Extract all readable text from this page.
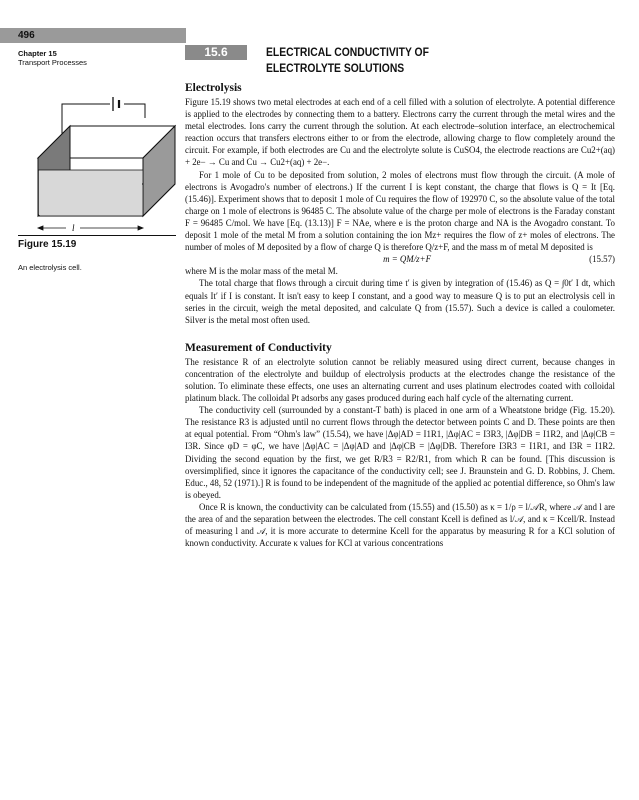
496
Chapter 15
Transport Processes
15.6	ELECTRICAL CONDUCTIVITY OF
ELECTROLYTE SOLUTIONS
l
Figure 15.19
An electrolysis cell.
Electrolysis

Figure 15.19 shows two metal electrodes at each end of a cell filled with a solution of electrolyte. A potential difference is applied to the electrodes by connecting them to a battery. Electrons carry the current through the metal wires and the metal electrodes. Ions carry the current through the solution. At each electrode–solution interface, an electrochemical reaction occurs that transfers electrons either to or from the electrode, allowing charge to flow completely around the circuit. For example, if both electrodes are Cu and the electrolyte solute is CuSO4, the electrode reactions are Cu2+(aq) + 2e− → Cu and Cu → Cu2+(aq) + 2e−.

For 1 mole of Cu to be deposited from solution, 2 moles of electrons must flow through the circuit. (A mole of electrons is Avogadro's number of electrons.) If the current I is kept constant, the charge that flows is Q = It [Eq. (15.46)]. Experiment shows that to deposit 1 mole of Cu requires the flow of 192970 C, so the absolute value of the total charge on 1 mole of electrons is 96485 C. The absolute value of the charge per mole of electrons is the Faraday constant F = 96485 C/mol. We have [Eq. (13.13)] F = NAe, where e is the proton charge and NA is the Avogadro constant. To deposit 1 mole of the metal M from a solution containing the ion Mz+ requires the flow of z+ moles of electrons. The number of moles of M deposited by a flow of charge Q is therefore Q/z+F, and the mass m of metal M deposited is

m = QM/z+F	(15.57)

where M is the molar mass of the metal M.

The total charge that flows through a circuit during time t′ is given by integration of (15.46) as Q = ∫0t′ I dt, which equals It′ if I is constant. It isn't easy to keep I constant, and a good way to measure Q is to put an electrolysis cell in series in the circuit, weigh the metal deposited, and calculate Q from (15.57). Such a device is called a coulometer. Silver is the metal most often used.

Measurement of Conductivity

The resistance R of an electrolyte solution cannot be reliably measured using direct current, because changes in concentration of the electrolyte and buildup of electrolysis products at the electrodes change the resistance of the solution. To eliminate these effects, one uses an alternating current and uses platinum electrodes coated with colloidal platinum black. The colloidal Pt adsorbs any gases produced during each half cycle of the alternating current.

The conductivity cell (surrounded by a constant-T bath) is placed in one arm of a Wheatstone bridge (Fig. 15.20). The resistance R3 is adjusted until no current flows through the detector between points C and D. These points are then at equal potential. From “Ohm's law” (15.54), we have |Δφ|AD = I1R1, |Δφ|AC = I3R3, |Δφ|DB = I1R2, and |Δφ|CB = I3R. Since φD = φC, we have |Δφ|AC = |Δφ|AD and |Δφ|CB = |Δφ|DB. Therefore I3R3 = I1R1, and I3R = I1R2. Dividing the second equation by the first, we get R/R3 = R2/R1, from which R can be found. [This discussion is oversimplified, since it ignores the capacitance of the conductivity cell; see J. Braunstein and G. D. Robbins, J. Chem. Educ., 48, 52 (1971).] R is found to be independent of the magnitude of the applied ac potential difference, so Ohm's law is obeyed.

Once R is known, the conductivity can be calculated from (15.55) and (15.50) as κ = 1/ρ = l/𝒜R, where 𝒜 and l are the area of and the separation between the electrodes. The cell constant Kcell is defined as l/𝒜, and κ = Kcell/R. Instead of measuring l and 𝒜, it is more accurate to determine Kcell for the apparatus by measuring R for a KCl solution of known conductivity. Accurate κ values for KCl at various concentrations
